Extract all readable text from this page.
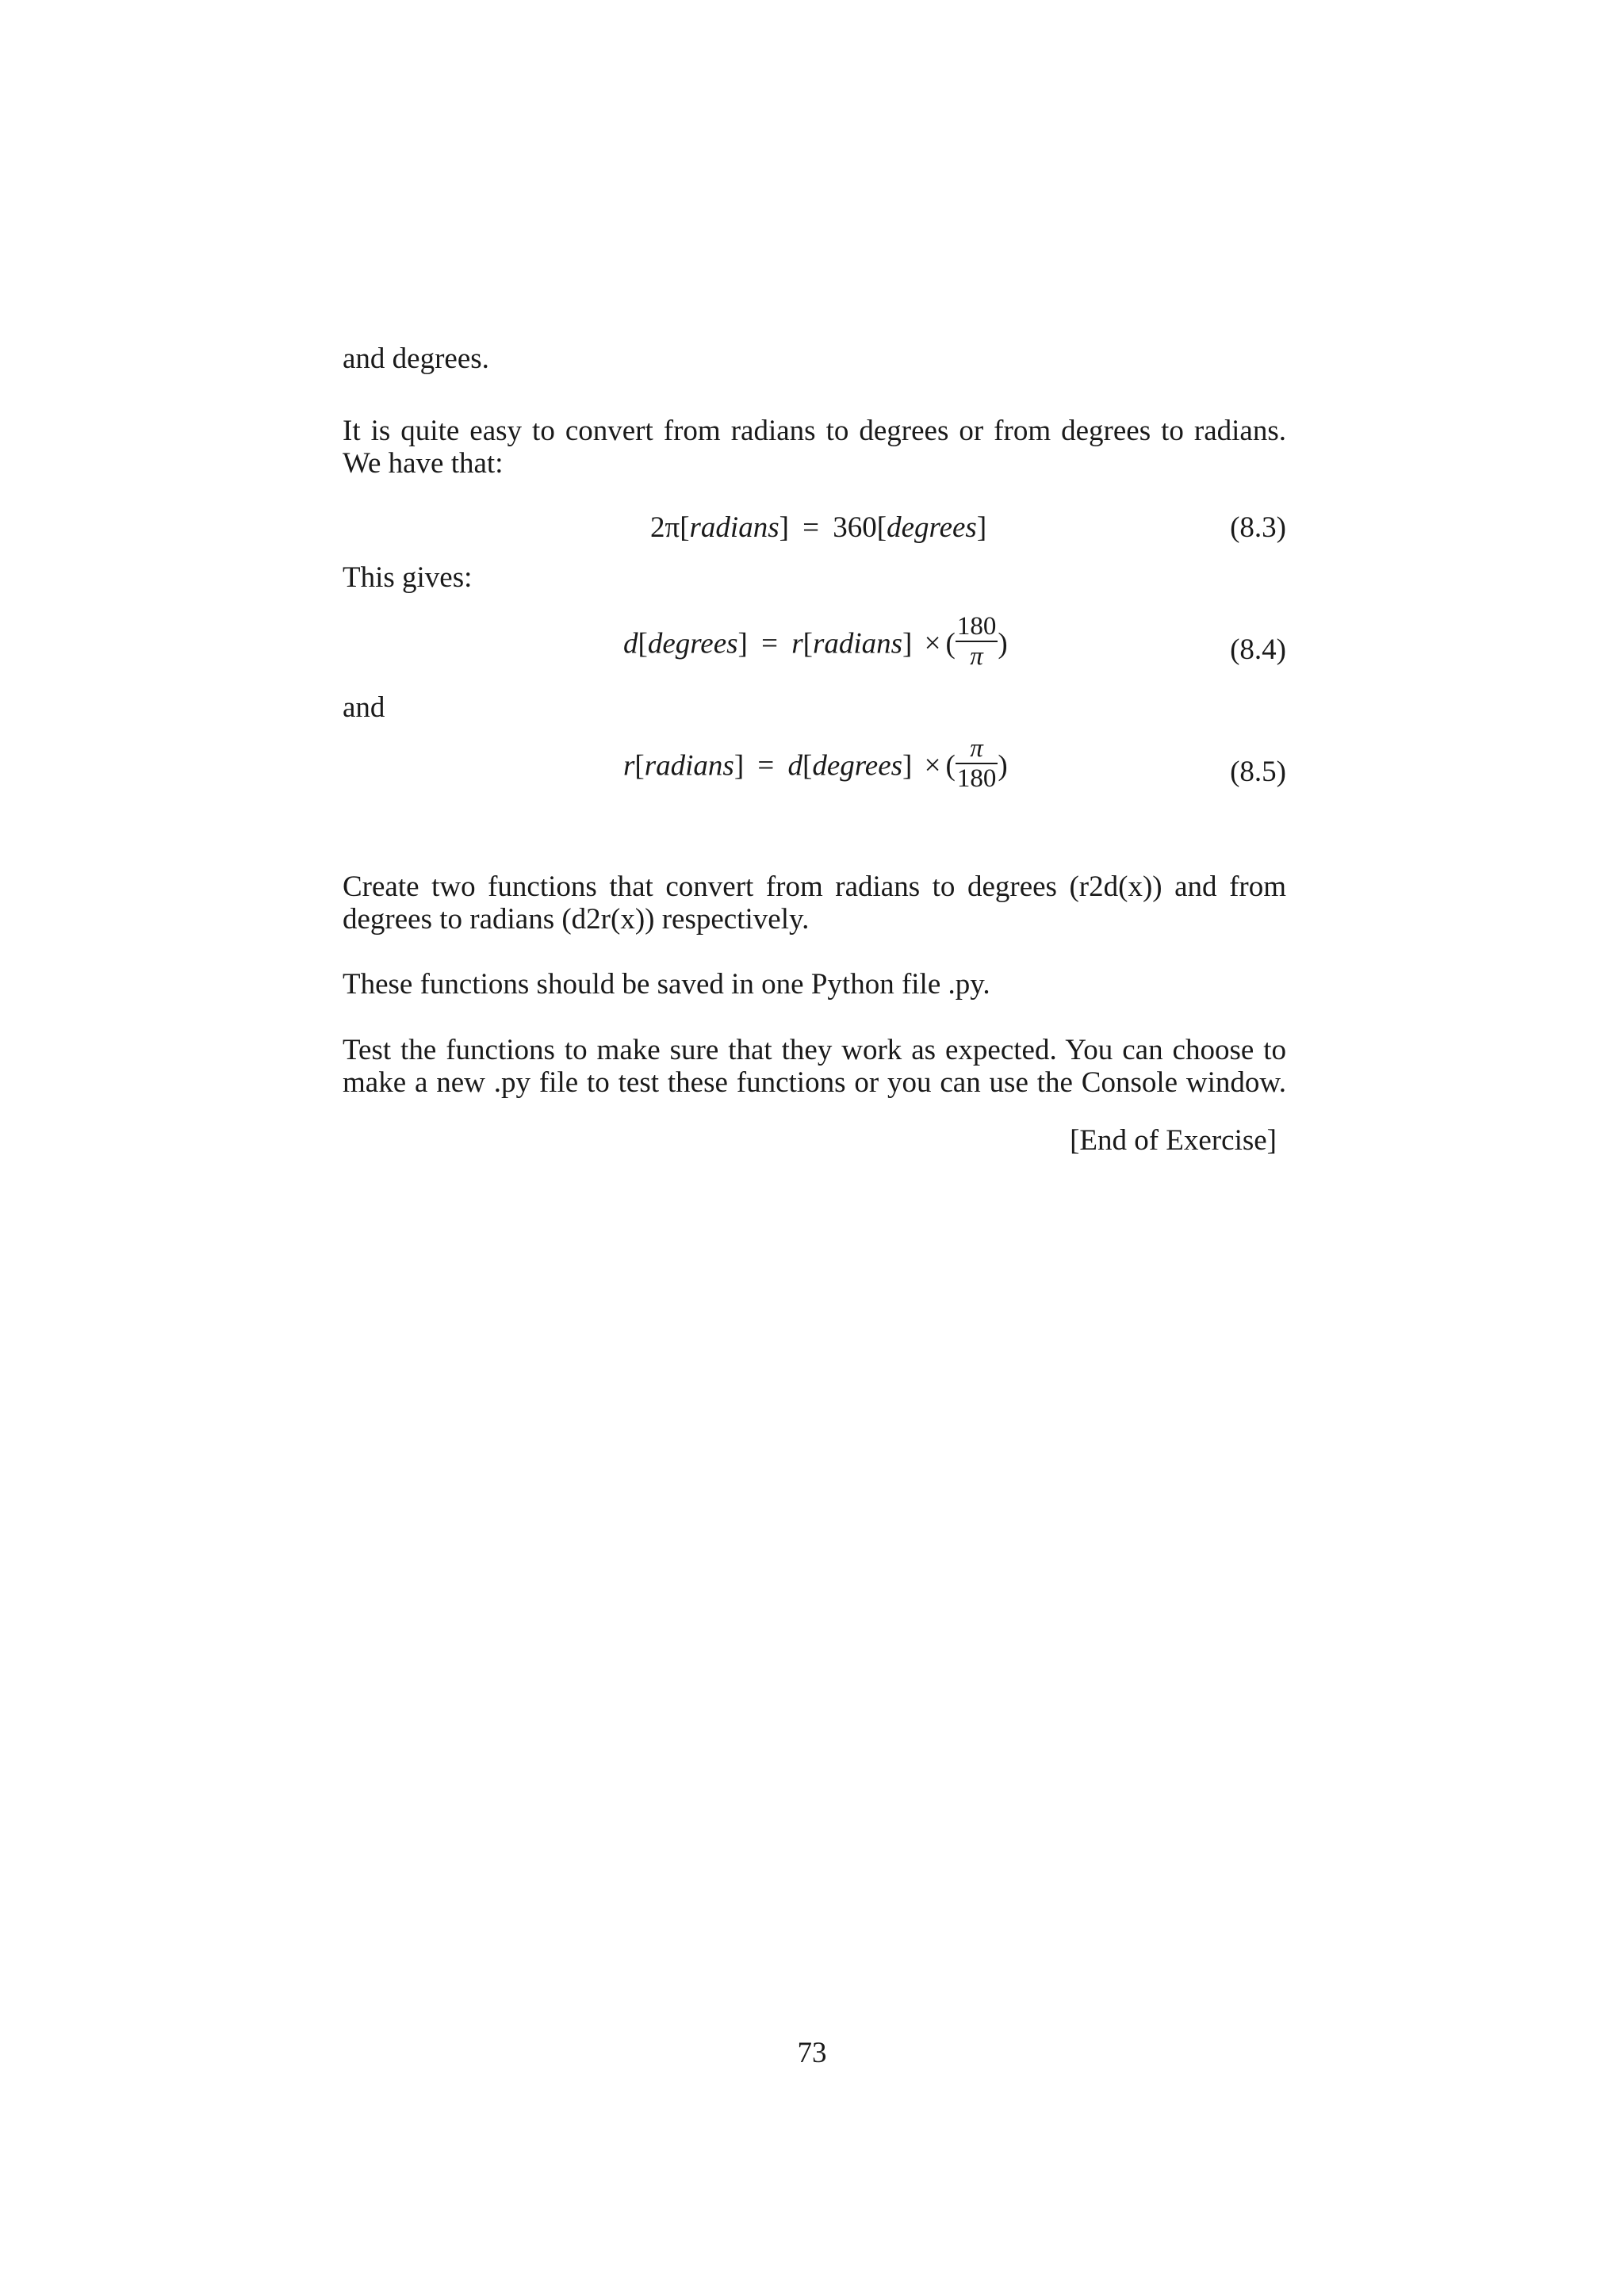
and degrees.
It is quite easy to convert from radians to degrees or from degrees to radians.
We have that:
2π[radians] = 360[degrees]	(8.3)
This gives:
d[degrees] = r[radians] × ( $\frac{180}{\pi}$ )	(8.4)
and
r[radians] = d[degrees] × ( $\frac{\pi}{180}$ )	(8.5)
Create two functions that convert from radians to degrees (r2d(x)) and from
degrees to radians (d2r(x)) respectively.
These functions should be saved in one Python file .py.
Test the functions to make sure that they work as expected. You can choose to
make a new .py file to test these functions or you can use the Console window.
[End of Exercise]
73
